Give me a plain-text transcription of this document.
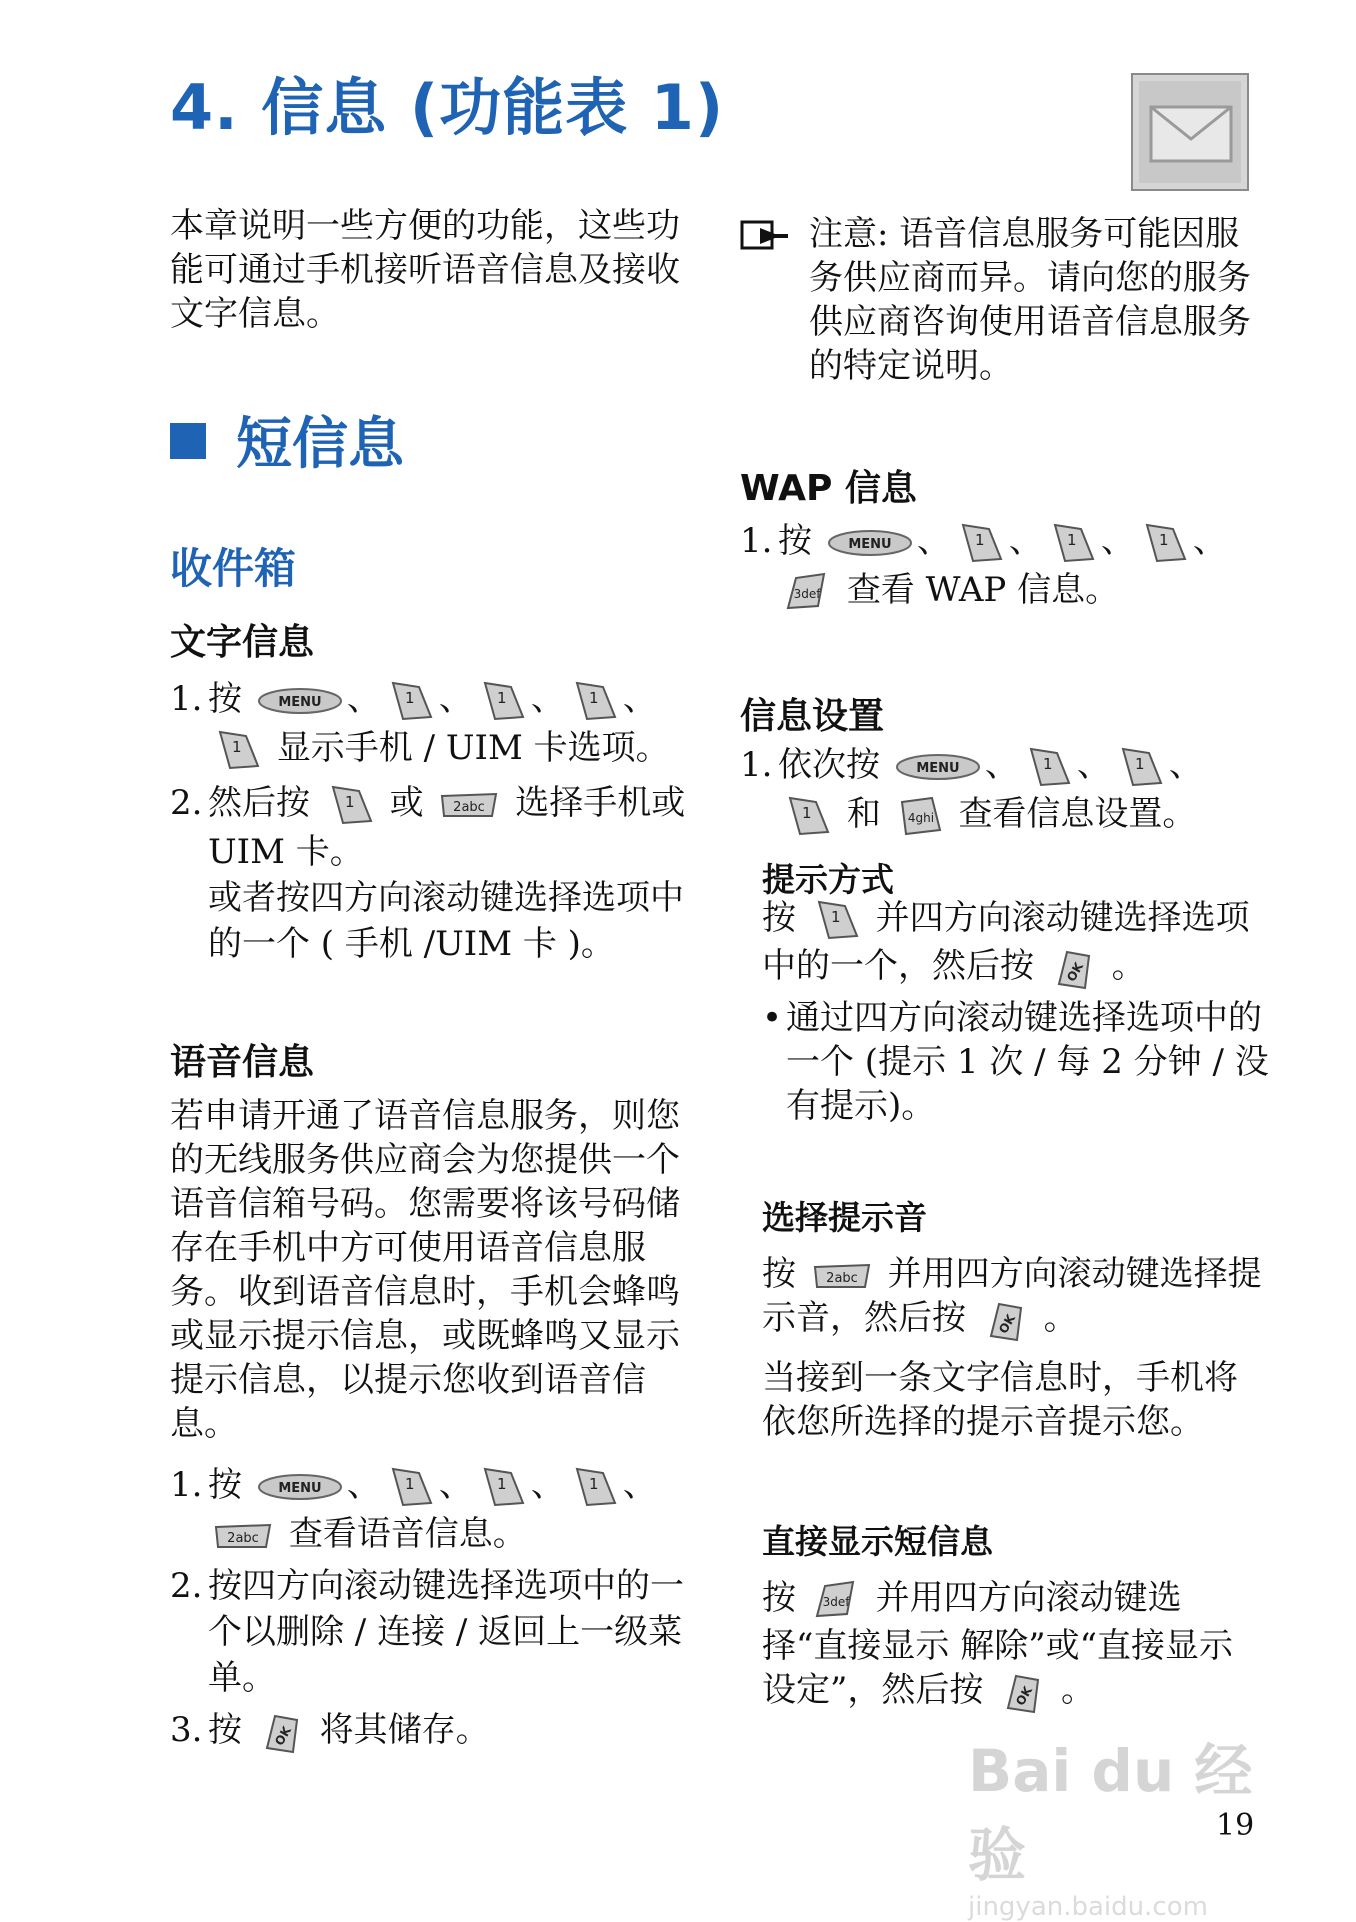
4. 信息 (功能表 1)

本章说明一些方便的功能，这些功能可通过手机接听语音信息及接收文字信息。

短信息
收件箱
文字信息

1. 按	MENU 、 1 、 1 、 1 、

1 显示手机 / UIM 卡选项。

2. 然后按 1 或 2abc 选择手机或 UIM 卡。
或者按四方向滚动键选择选项中的一个 ( 手机 /UIM 卡 )。

语音信息

若申请开通了语音信息服务，则您的无线服务供应商会为您提供一个语音信箱号码。您需要将该号码储存在手机中方可使用语音信息服务。收到语音信息时，手机会蜂鸣或显示提示信息，或既蜂鸣又显示提示信息，以提示您收到语音信息。

1. 按	MENU 、 1 、 1 、 1 、

2abc 查看语音信息。

2. 按四方向滚动键选择选项中的一个以删除 / 连接 / 返回上一级菜单。

3. 按 OK 将其储存。

注意: 语音信息服务可能因服务供应商而异。请向您的服务供应商咨询使用语音信息服务的特定说明。

WAP 信息

1. 按	MENU 、 1 、 1 、 1 、

3def 查看 WAP 信息。

信息设置

1. 依次按	MENU 、 1 、 1 、

1 和 4ghi 查看信息设置。

提示方式

按 1 并四方向滚动键选择选项中的一个，然后按 OK 。

• 通过四方向滚动键选择选项中的一个 (提示 1 次 / 每 2 分钟 / 没有提示)。

选择提示音

按 2abc 并用四方向滚动键选择提示音，然后按 OK 。

当接到一条文字信息时，手机将依您所选择的提示音提示您。

直接显示短信息

按 3def 并用四方向滚动键选择“直接显示 解除”或“直接显示 设定”，然后按 OK 。

Bai du 经验
jingyan.baidu.com
19
